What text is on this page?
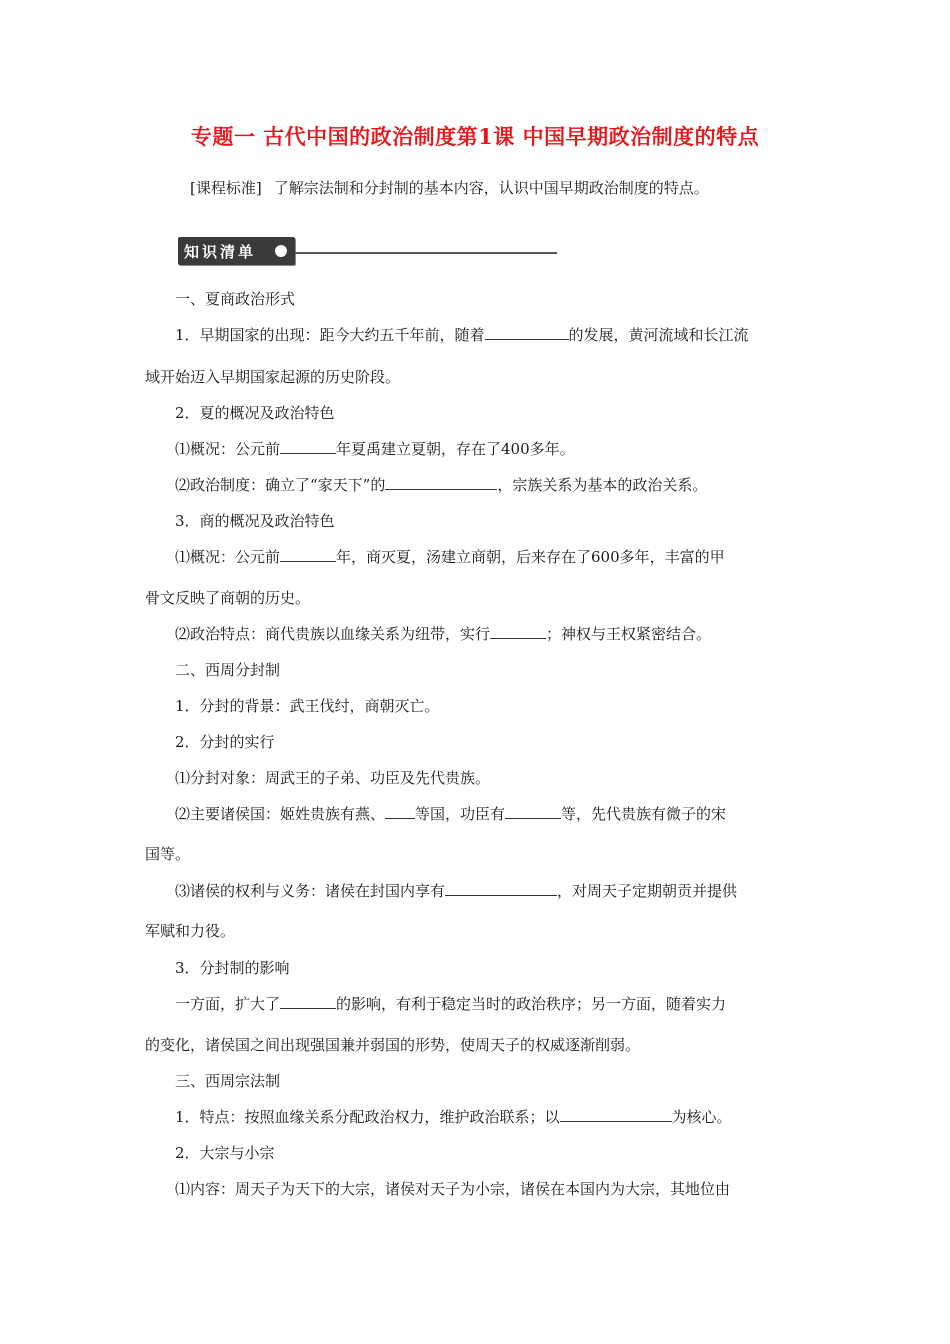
专题一 古代中国的政治制度第1课 中国早期政治制度的特点
[课程标准] 了解宗法制和分封制的基本内容，认识中国早期政治制度的特点。
知识清单
一、夏商政治形式
1．早期国家的出现：距今大约五千年前，随着	的发展，黄河流域和长江流
域开始迈入早期国家起源的历史阶段。
2．夏的概况及政治特色
⑴概况：公元前	年夏禹建立夏朝，存在了400多年。
⑵政治制度：确立了“家天下”的	，宗族关系为基本的政治关系。
3．商的概况及政治特色
⑴概况：公元前	年，商灭夏，汤建立商朝，后来存在了600多年，丰富的甲
骨文反映了商朝的历史。
⑵政治特点：商代贵族以血缘关系为纽带，实行	；神权与王权紧密结合。
二、西周分封制
1．分封的背景：武王伐纣，商朝灭亡。
2．分封的实行
⑴分封对象：周武王的子弟、功臣及先代贵族。
⑵主要诸侯国：姬姓贵族有燕、 等国，功臣有	等，先代贵族有微子的宋
国等。
⑶诸侯的权利与义务：诸侯在封国内享有	，对周天子定期朝贡并提供
军赋和力役。
3．分封制的影响
一方面，扩大了	的影响，有利于稳定当时的政治秩序；另一方面，随着实力
的变化，诸侯国之间出现强国兼并弱国的形势，使周天子的权威逐渐削弱。
三、西周宗法制
1．特点：按照血缘关系分配政治权力，维护政治联系；以	为核心。
2．大宗与小宗
⑴内容：周天子为天下的大宗，诸侯对天子为小宗，诸侯在本国内为大宗，其地位由
